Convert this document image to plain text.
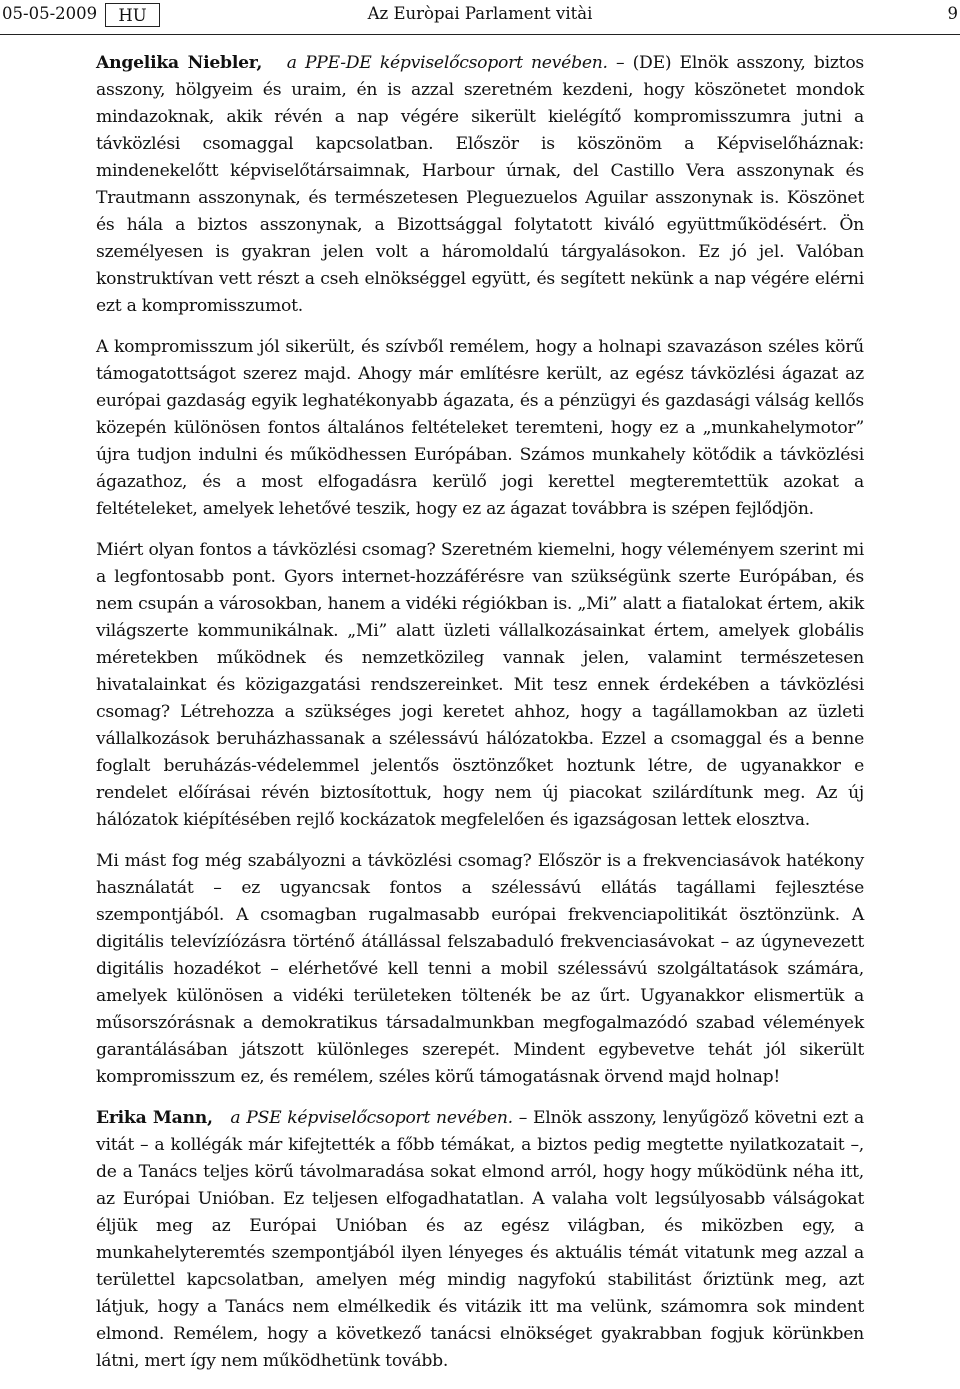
05-05-2009	HU	Az Euròpai Parlament vitài	9

Angelika Niebler, a PPE-DE képviselőcsoport nevében. – (DE) Elnök asszony, biztos asszony, hölgyeim és uraim, én is azzal szeretném kezdeni, hogy köszönetet mondok mindazoknak, akik révén a nap végére sikerült kielégítő kompromisszumra jutni a távközlési csomaggal kapcsolatban. Először is köszönöm a Képviselőháznak: mindenekelőtt képviselőtársaimnak, Harbour úrnak, del Castillo Vera asszonynak és Trautmann asszonynak, és természetesen Pleguezuelos Aguilar asszonynak is. Köszönet és hála a biztos asszonynak, a Bizottsággal folytatott kiváló együttműködésért. Ön személyesen is gyakran jelen volt a háromoldalú tárgyalásokon. Ez jó jel. Valóban konstruktívan vett részt a cseh elnökséggel együtt, és segített nekünk a nap végére elérni ezt a kompromisszumot.

A kompromisszum jól sikerült, és szívből remélem, hogy a holnapi szavazáson széles körű támogatottságot szerez majd. Ahogy már említésre került, az egész távközlési ágazat az európai gazdaság egyik leghatékonyabb ágazata, és a pénzügyi és gazdasági válság kellős közepén különösen fontos általános feltételeket teremteni, hogy ez a „munkahelymotor” újra tudjon indulni és működhessen Európában. Számos munkahely kötődik a távközlési ágazathoz, és a most elfogadásra kerülő jogi kerettel megteremtettük azokat a feltételeket, amelyek lehetővé teszik, hogy ez az ágazat továbbra is szépen fejlődjön.

Miért olyan fontos a távközlési csomag? Szeretném kiemelni, hogy véleményem szerint mi a legfontosabb pont. Gyors internet-hozzáférésre van szükségünk szerte Európában, és nem csupán a városokban, hanem a vidéki régiókban is. „Mi” alatt a fiatalokat értem, akik világszerte kommunikálnak. „Mi” alatt üzleti vállalkozásainkat értem, amelyek globális méretekben működnek és nemzetközileg vannak jelen, valamint természetesen hivatalainkat és közigazgatási rendszereinket. Mit tesz ennek érdekében a távközlési csomag? Létrehozza a szükséges jogi keretet ahhoz, hogy a tagállamokban az üzleti vállalkozások beruházhassanak a szélessávú hálózatokba. Ezzel a csomaggal és a benne foglalt beruházás-védelemmel jelentős ösztönzőket hoztunk létre, de ugyanakkor e rendelet előírásai révén biztosítottuk, hogy nem új piacokat szilárdítunk meg. Az új hálózatok kiépítésében rejlő kockázatok megfelelően és igazságosan lettek elosztva.

Mi mást fog még szabályozni a távközlési csomag? Először is a frekvenciasávok hatékony használatát – ez ugyancsak fontos a szélessávú ellátás tagállami fejlesztése szempontjából. A csomagban rugalmasabb európai frekvenciapolitikát ösztönzünk. A digitális televízíózásra történő átállással felszabaduló frekvenciasávokat – az úgynevezett digitális hozadékot – elérhetővé kell tenni a mobil szélessávú szolgáltatások számára, amelyek különösen a vidéki területeken töltenék be az űrt. Ugyanakkor elismertük a műsorszórásnak a demokratikus társadalmunkban megfogalmazódó szabad vélemények garantálásában játszott különleges szerepét. Mindent egybevetve tehát jól sikerült kompromisszum ez, és remélem, széles körű támogatásnak örvend majd holnap!

Erika Mann, a PSE képviselőcsoport nevében. – Elnök asszony, lenyűgöző követni ezt a vitát – a kollégák már kifejtették a főbb témákat, a biztos pedig megtette nyilatkozatait –, de a Tanács teljes körű távolmaradása sokat elmond arról, hogy hogy működünk néha itt, az Európai Unióban. Ez teljesen elfogadhatatlan. A valaha volt legsúlyosabb válságokat éljük meg az Európai Unióban és az egész világban, és miközben egy, a munkahelyteremtés szempontjából ilyen lényeges és aktuális témát vitatunk meg azzal a területtel kapcsolatban, amelyen még mindig nagyfokú stabilitást őriztünk meg, azt látjuk, hogy a Tanács nem elmélkedik és vitázik itt ma velünk, számomra sok mindent elmond. Remélem, hogy a következő tanácsi elnökséget gyakrabban fogjuk körünkben látni, mert így nem működhetünk tovább.
